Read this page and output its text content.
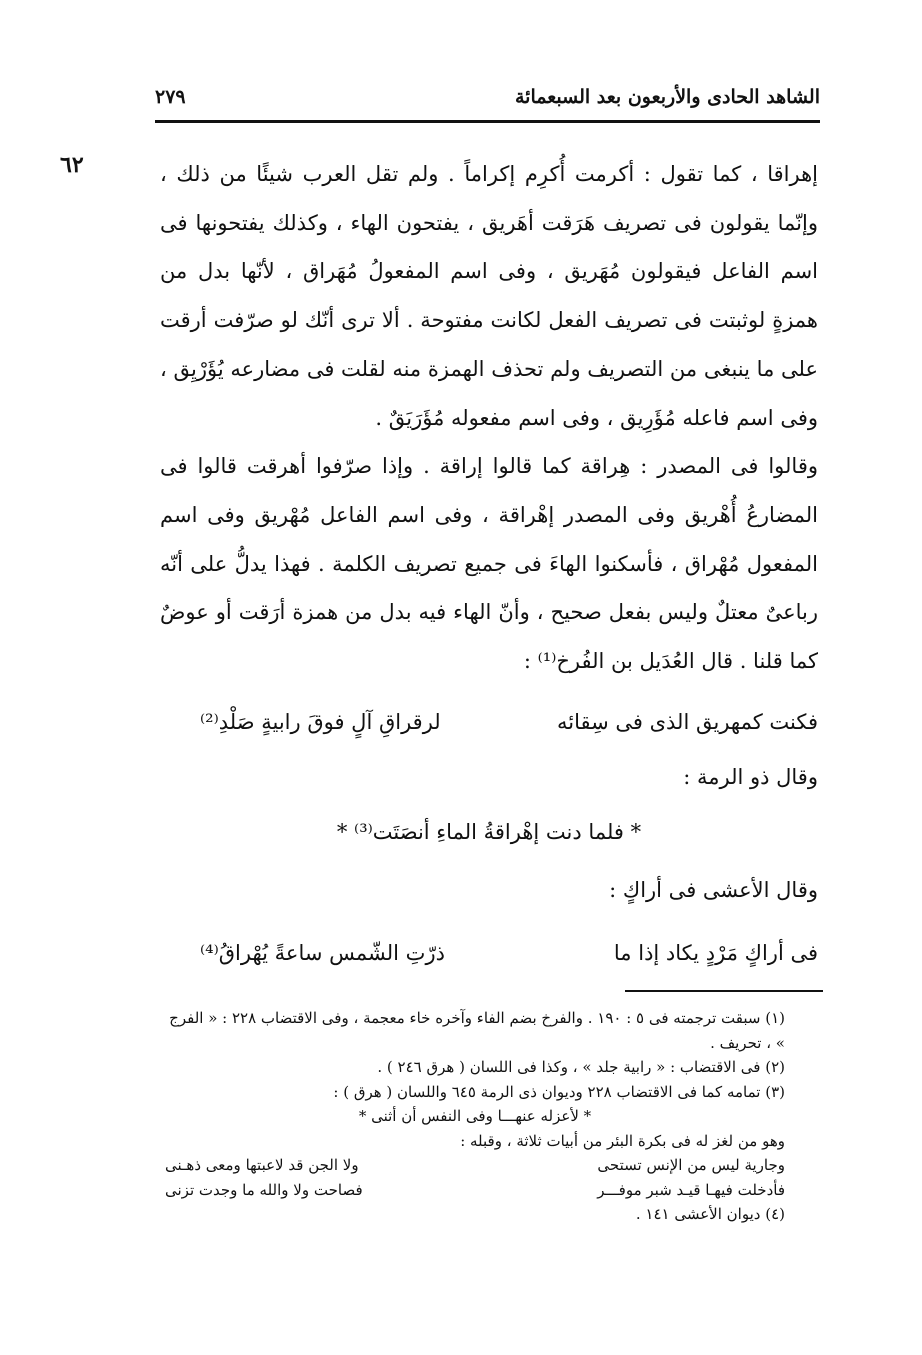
الشاهد الحادى والأربعون بعد السبعمائة
٢٧٩
٦٢	إهراقا ، كما تقول : أكرمت أُكرِم إكراماً . ولم تقل العرب شيئًا من ذلك ، وإنّما يقولون فى تصريف هَرَقت أهَريق ، يفتحون الهاء ، وكذلك يفتحونها فى اسم الفاعل فيقولون مُهَريق ، وفى اسم المفعولُ مُهَراق ، لأنّها بدل من همزةٍ لوثبتت فى تصريف الفعل لكانت مفتوحة . ألا ترى أنّك لو صرّفت أرقت على ما ينبغى من التصريف ولم تحذف الهمزة منه لقلت فى مضارعه يُؤَرْيِق ، وفى اسم فاعله مُؤَرِيق ، وفى اسم مفعوله مُؤَرَيَقٌ .

وقالوا فى المصدر : هِراقة كما قالوا إراقة . وإذا صرّفوا أهرقت قالوا فى المضارعُ أُهْريق وفى المصدر إهْراقة ، وفى اسم الفاعل مُهْريق وفى اسم المفعول مُهْراق ، فأسكنوا الهاءَ فى جميع تصريف الكلمة . فهذا يدلُّ على أنّه رباعىٌ معتلٌ وليس بفعل صحيح ، وأنّ الهاء فيه بدل من همزة أرَقت أو عوضٌ كما قلنا . قال العُدَيل بن الفُرخ⁽¹⁾ :

فكنت كمهريق الذى فى سِقائه
لرقراقِ آلٍ فوقَ رابيةٍ صَلْدِ⁽²⁾
وقال ذو الرمة :
* فلما دنت إهْراقةُ الماءِ أنصَتَت⁽³⁾ *
وقال الأعشى فى أراكٍ :
فى أراكٍ مَرْدٍ يكاد إذا ما
ذرّتِ الشّمس ساعةً يُهْراقُ⁽⁴⁾

(١) سبقت ترجمته فى ٥ : ١٩٠ . والفرخ بضم الفاء وآخره خاء معجمة ، وفى الاقتضاب ٢٢٨ : « الفرج » ، تحريف .

(٢) فى الاقتضاب : « رابية جلد » ، وكذا فى اللسان ( هرق ٢٤٦ ) .

(٣) تمامه كما فى الاقتضاب ٢٢٨ وديوان ذى الرمة ٦٤٥ واللسان ( هرق ) :

* لأعزله عنهـــا وفى النفس أن أثنى *

وهو من لغز له فى بكرة البئر من أبيات ثلاثة ، وقبله :

وجارية ليس من الإنس تستحى
ولا الجن قد لاعبتها ومعى ذهـنى
فأدخلت فيهـا قيـد شبر موفـــر
فصاحت ولا والله ما وجدت تزنى

(٤) ديوان الأعشى ١٤١ .
